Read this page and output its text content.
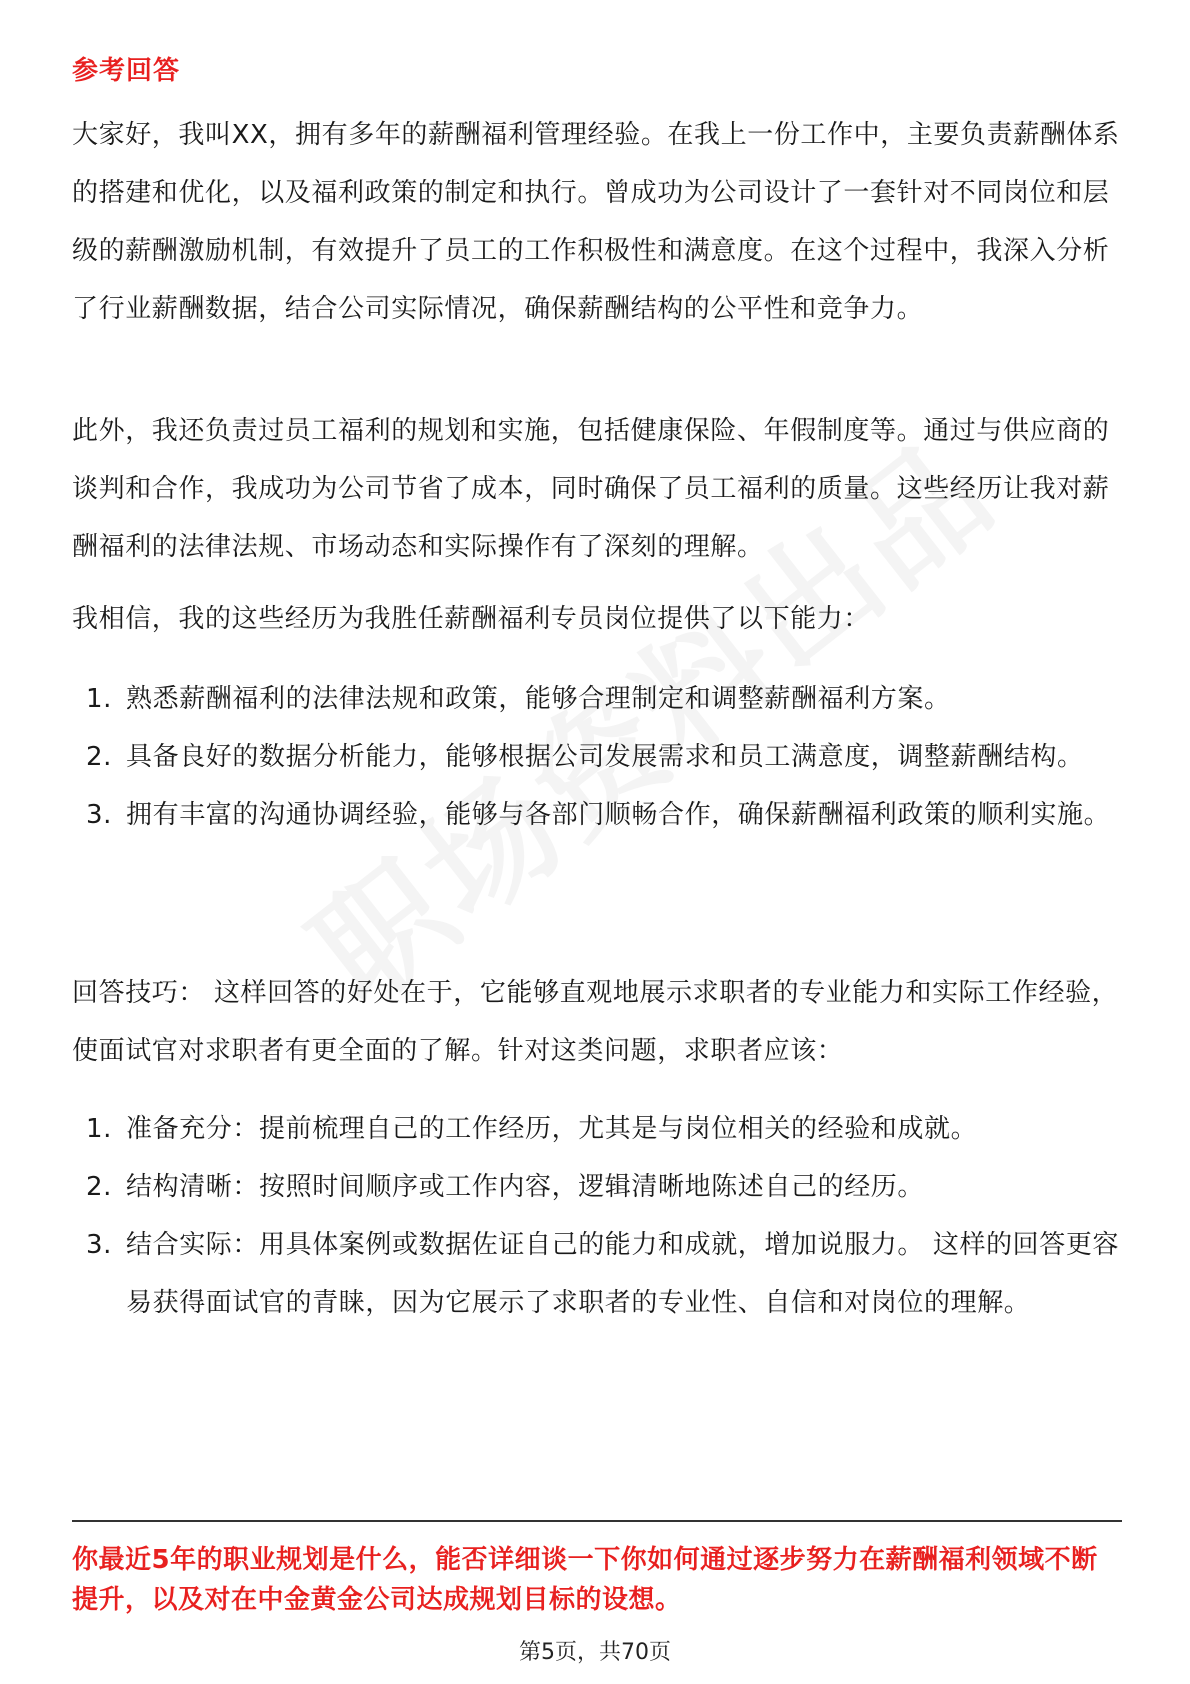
参考回答

大家好，我叫XX，拥有多年的薪酬福利管理经验。在我上一份工作中，主要负责薪酬体系的搭建和优化，以及福利政策的制定和执行。曾成功为公司设计了一套针对不同岗位和层级的薪酬激励机制，有效提升了员工的工作积极性和满意度。在这个过程中，我深入分析了行业薪酬数据，结合公司实际情况，确保薪酬结构的公平性和竞争力。

此外，我还负责过员工福利的规划和实施，包括健康保险、年假制度等。通过与供应商的谈判和合作，我成功为公司节省了成本，同时确保了员工福利的质量。这些经历让我对薪酬福利的法律法规、市场动态和实际操作有了深刻的理解。

我相信，我的这些经历为我胜任薪酬福利专员岗位提供了以下能力：

1. 熟悉薪酬福利的法律法规和政策，能够合理制定和调整薪酬福利方案。
2. 具备良好的数据分析能力，能够根据公司发展需求和员工满意度，调整薪酬结构。
3. 拥有丰富的沟通协调经验，能够与各部门顺畅合作，确保薪酬福利政策的顺利实施。

回答技巧： 这样回答的好处在于，它能够直观地展示求职者的专业能力和实际工作经验，使面试官对求职者有更全面的了解。针对这类问题，求职者应该：

1. 准备充分：提前梳理自己的工作经历，尤其是与岗位相关的经验和成就。
2. 结构清晰：按照时间顺序或工作内容，逻辑清晰地陈述自己的经历。
3. 结合实际：用具体案例或数据佐证自己的能力和成就，增加说服力。 这样的回答更容易获得面试官的青睐，因为它展示了求职者的专业性、自信和对岗位的理解。
你最近5年的职业规划是什么，能否详细谈一下你如何通过逐步努力在薪酬福利领域不断提升，以及对在中金黄金公司达成规划目标的设想。
第5页，共70页
